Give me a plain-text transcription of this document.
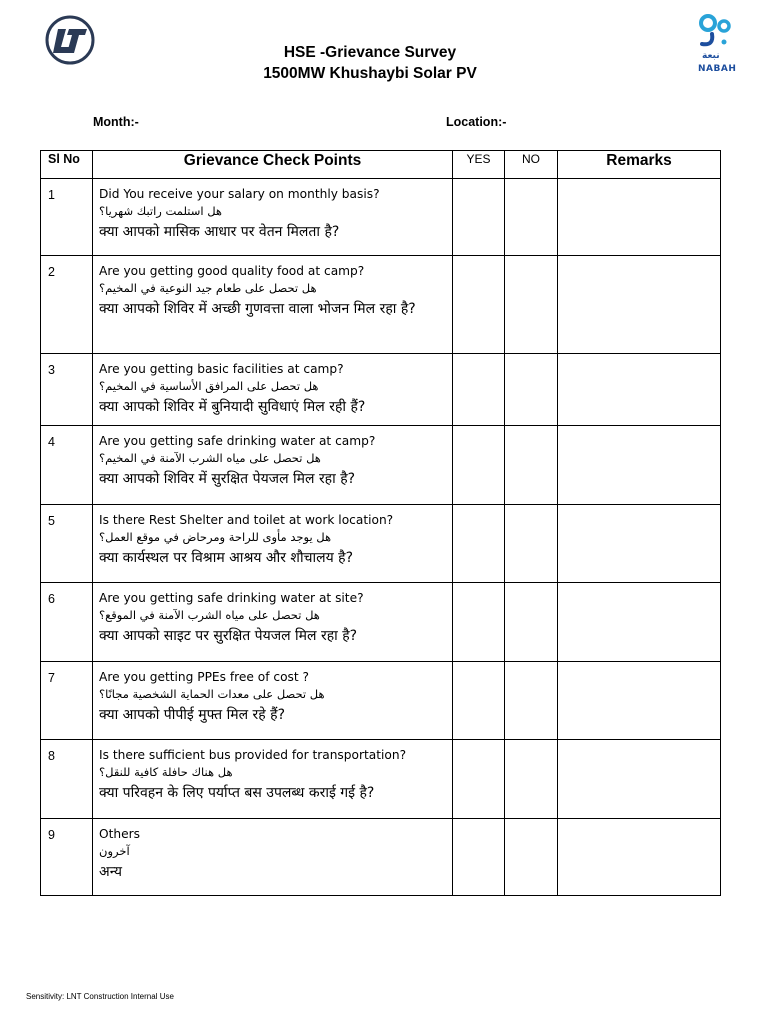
نبعة
NABAH
HSE -Grievance Survey
1500MW Khushaybi Solar PV
Month:-	Location:-
Sl No	Grievance Check Points	YES	NO	Remarks
1	Did You receive your salary on monthly basis?
هل استلمت راتبك شهريا؟
क्या आपको मासिक आधार पर वेतन मिलता है?			

2	Are you getting good quality food at camp?
هل تحصل على طعام جيد النوعية في المخيم؟
क्या आपको शिविर में अच्छी गुणवत्ता वाला भोजन मिल रहा है?			

3	Are you getting basic facilities at camp?
هل تحصل على المرافق الأساسية في المخيم؟
क्या आपको शिविर में बुनियादी सुविधाएं मिल रही हैं?			

4	Are you getting safe drinking water at camp?
هل تحصل على مياه الشرب الآمنة في المخيم؟
क्या आपको शिविर में सुरक्षित पेयजल मिल रहा है?			

5	Is there Rest Shelter and toilet at work location?
هل يوجد مأوى للراحة ومرحاض في موقع العمل؟
क्या कार्यस्थल पर विश्राम आश्रय और शौचालय है?			

6	Are you getting safe drinking water at site?
هل تحصل على مياه الشرب الآمنة في الموقع؟
क्या आपको साइट पर सुरक्षित पेयजल मिल रहा है?			

7	Are you getting PPEs free of cost ?
هل تحصل على معدات الحماية الشخصية مجانًا؟
क्या आपको पीपीई मुफ्त मिल रहे हैं?			

8	Is there sufficient bus provided for transportation?
هل هناك حافلة كافية للنقل؟
क्या परिवहन के लिए पर्याप्त बस उपलब्ध कराई गई है?			

9	Others
آخرون
अन्य			

Sensitivity: LNT Construction Internal Use
